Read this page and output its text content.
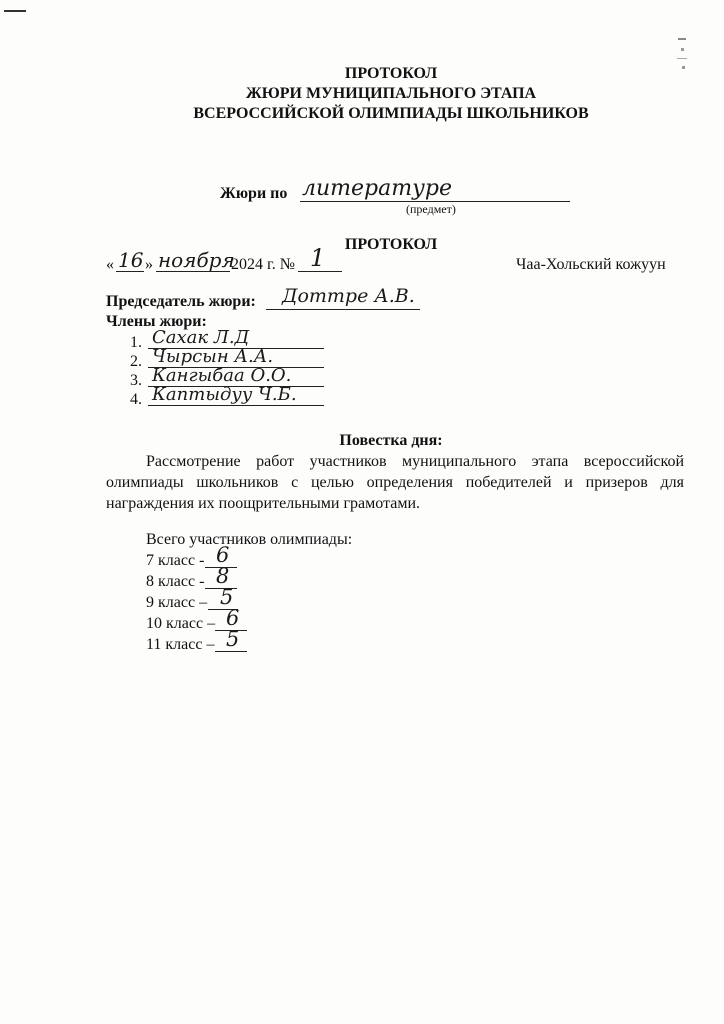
ПРОТОКОЛ
ЖЮРИ МУНИЦИПАЛЬНОГО ЭТАПА
ВСЕРОССИЙСКОЙ ОЛИМПИАДЫ ШКОЛЬНИКОВ
Жюри по литературе
(предмет)
ПРОТОКОЛ
« 16 » ноября
2024 г. № 1	Чаа-Хольский кожуун
Председатель жюри: Доттре А.В.
Члены жюри:
1. Сахак Л.Д
2. Чырсын А.А.
3. Кангыбаа О.О.
4. Каптыдуу Ч.Б.
Повестка дня:
Рассмотрение работ участников муниципального этапа всероссийской олимпиады школьников с целью определения победителей и призеров для награждения их поощрительными грамотами.
Всего участников олимпиады:
7 класс - 6
8 класс - 8
9 класс – 5
10 класс – 6
11 класс – 5
